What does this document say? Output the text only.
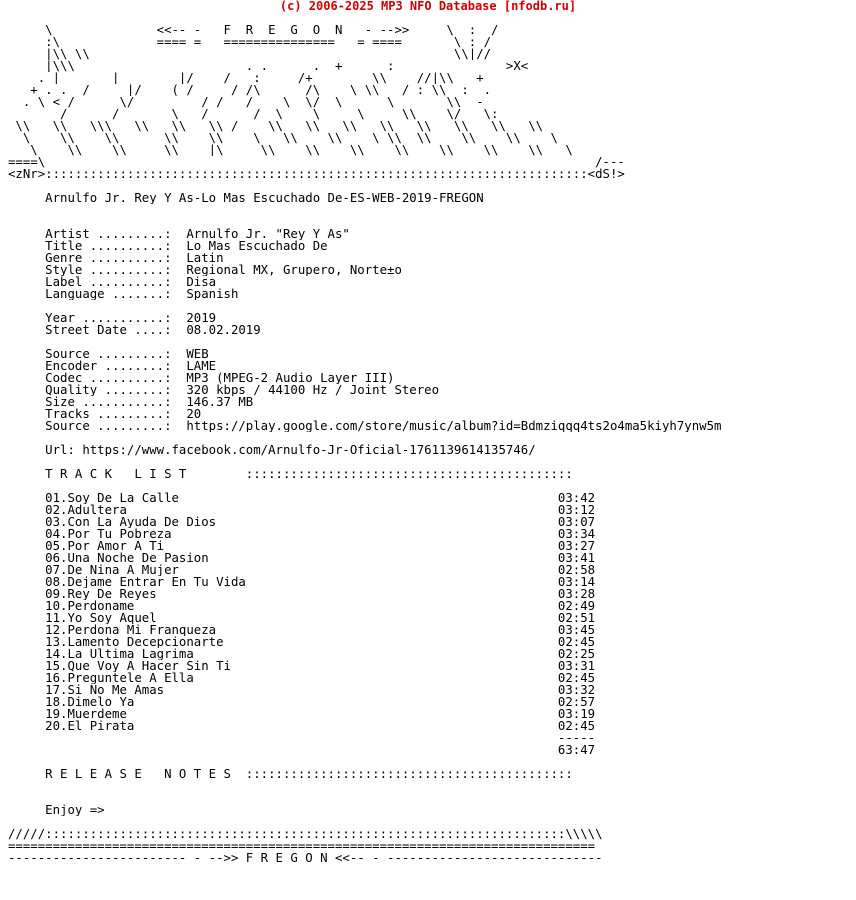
(c) 2006-2025 MP3 NFO Database [nfodb.ru]

\              <<-- -   F  R  E  G  O  N   - -->>     \  :  /
:\  _          ==== =   ===============   = ====      _\ : /_
|\\ \\                                                 \\|//
_ |\\\______________________ ._.______.__+______:_______________>X<
_ . |_____  |_    _  |/    /_  :     /+ _____  \\   _//|\\   +
+ . .__/  ___|/  __( /  ___/ /\______/\    \ \\   / : \\_ : _.
. \ <_/  ____\/   ______/_/   /_   \__\/__\      \    __ \\  -
____ /  ____/   _   \  _/   ___/  \    \_    \  _  \\    \/   \: ____
\\___\\___\\\___\\___\\___\\_/____\\___\\___\\___\\___\\___\\___\\___\\___
\    \\    \\      \\    \\    \___\\    \\    \_\\  \\    \\    \\    \____
___\    \\____\\_____\\____|\_____\\____\\____\\____\\____\\____\\____\\   \____
====\__________________________________________________________________________/---
<zNr>:::::::::::::::::::::::::::::::::::::::::::::::::::::::::::::::::::::::::<dS!>
_______________________________________________________________________________
Arnulfo_Jr._Rey_Y_As-Lo_Mas_Escuchado_De-ES-WEB-2019-FREGON
_______________________________________________________________________________

Artist .........:  Arnulfo Jr. "Rey Y As"
Title ..........:  Lo Mas Escuchado De
Genre ..........:  Latin
Style ..........:  Regional MX, Grupero, Norte±o
Label ..........:  Disa
Language .......:  Spanish

Year ...........:  2019
Street Date ....:  08.02.2019

Source .........:  WEB
Encoder ........:  LAME
Codec ..........:  MP3 (MPEG-2 Audio Layer III)
Quality ........:  320 kbps / 44100 Hz / Joint Stereo
Size ...........:  146.37 MB
Tracks .........:  20
Source .........:  https://play.google.com/store/music/album?id=Bdmziqqq4ts2o4ma5kiyh7ynw5m

Url: https://www.facebook.com/Arnulfo-Jr-Oficial-1761139614135746/

T R A C K   L I S T        ::::::::::::::::::::::::::::::::::::::::::::
_ __ ___________________________________________________________________________ _
01.Soy De La Calle                                                   03:42
02.Adultera                                                          03:12
03.Con La Ayuda De Dios                                              03:07
04.Por Tu Pobreza                                                    03:34
05.Por Amor A Ti                                                     03:27
06.Una Noche De Pasion                                               03:41
07.De Nina A Mujer                                                   02:58
08.Dejame Entrar En Tu Vida                                          03:14
09.Rey De Reyes                                                      03:28
10.Perdoname                                                         02:49
11.Yo Soy Aquel                                                      02:51
12.Perdona Mi Franqueza                                              03:45
13.Lamento Decepcionarte                                             02:45
14.La Ultima Lagrima                                                 02:25
15.Que Voy A Hacer Sin Ti                                            03:31
16.Preguntele A Ella                                                 02:45
17.Si No Me Amas                                                     03:32
18.Dimelo Ya                                                         02:57
19.Muerdeme                                                          03:19
20.El Pirata                                                         02:45
-----
63:47
_ __ ___________________________________________________________________________ _
R E L E A S E   N O T E S  ::::::::::::::::::::::::::::::::::::::::::::

Enjoy =>
_______________________________________________________________________________
/////::::::::::::::::::::::::::::::::::::::::::::::::::::::::::::::::::::::\\\\\
===============================================================================
------------------------ - -->> F R E G O N <<-- - -----------------------------
